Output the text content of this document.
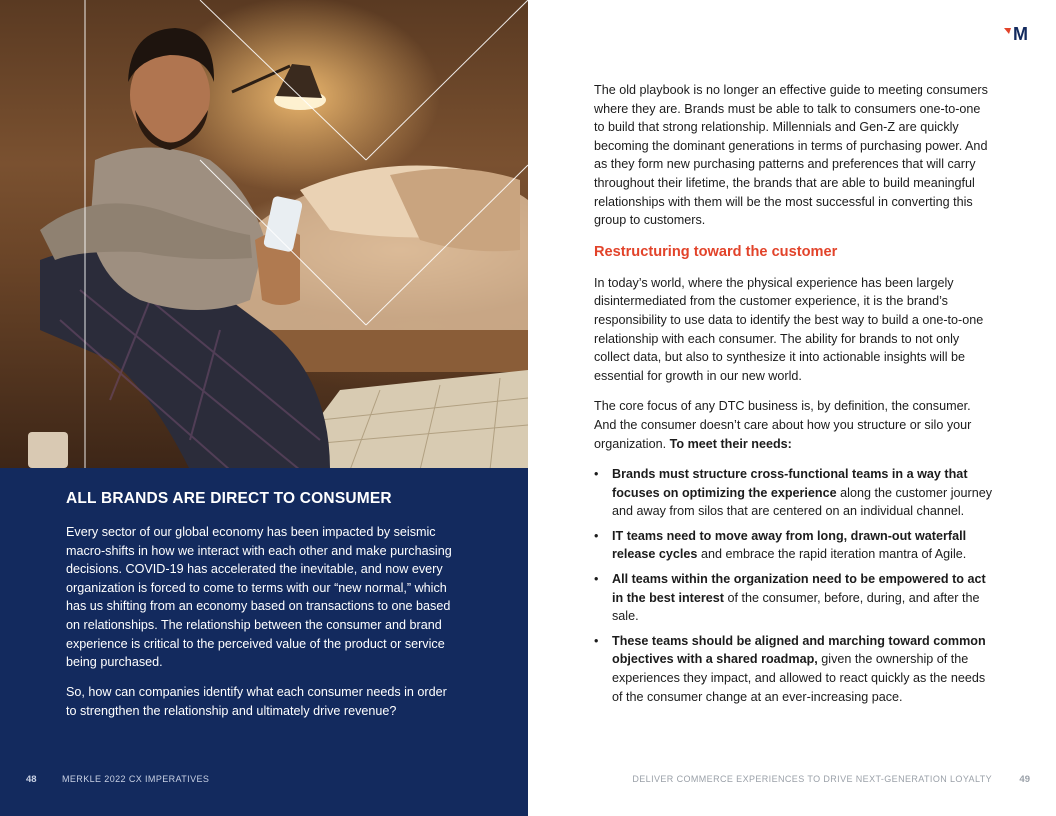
ALL BRANDS ARE DIRECT TO CONSUMER

Every sector of our global economy has been impacted by seismic macro-shifts in how we interact with each other and make purchasing decisions. COVID-19 has accelerated the inevitable, and now every organization is forced to come to terms with our “new normal,” which has us shifting from an economy based on transactions to one based on relationships. The relationship between the consumer and brand experience is critical to the perceived value of the product or service being purchased.

So, how can companies identify what each consumer needs in order to strengthen the relationship and ultimately drive revenue?

48	MERKLE 2022 CX IMPERATIVES
M

The old playbook is no longer an effective guide to meeting consumers where they are. Brands must be able to talk to consumers one-to-one to build that strong relationship. Millennials and Gen-Z are quickly becoming the dominant generations in terms of purchasing power. And as they form new purchasing patterns and preferences that will carry throughout their lifetime, the brands that are able to build meaningful relationships with them will be the most successful in converting this group to customers.

Restructuring toward the customer

In today’s world, where the physical experience has been largely disintermediated from the customer experience, it is the brand’s responsibility to use data to identify the best way to build a one-to-one relationship with each consumer. The ability for brands to not only collect data, but also to synthesize it into actionable insights will be essential for growth in our new world.

The core focus of any DTC business is, by definition, the consumer. And the consumer doesn’t care about how you structure or silo your organization. To meet their needs:

• Brands must structure cross-functional teams in a way that focuses on optimizing the experience along the customer journey and away from silos that are centered on an individual channel.
• IT teams need to move away from long, drawn-out waterfall release cycles and embrace the rapid iteration mantra of Agile.
• All teams within the organization need to be empowered to act in the best interest of the consumer, before, during, and after the sale.
• These teams should be aligned and marching toward common objectives with a shared roadmap, given the ownership of the experiences they impact, and allowed to react quickly as the needs of the consumer change at an ever-increasing pace.
DELIVER COMMERCE EXPERIENCES TO DRIVE NEXT-GENERATION LOYALTY	49
